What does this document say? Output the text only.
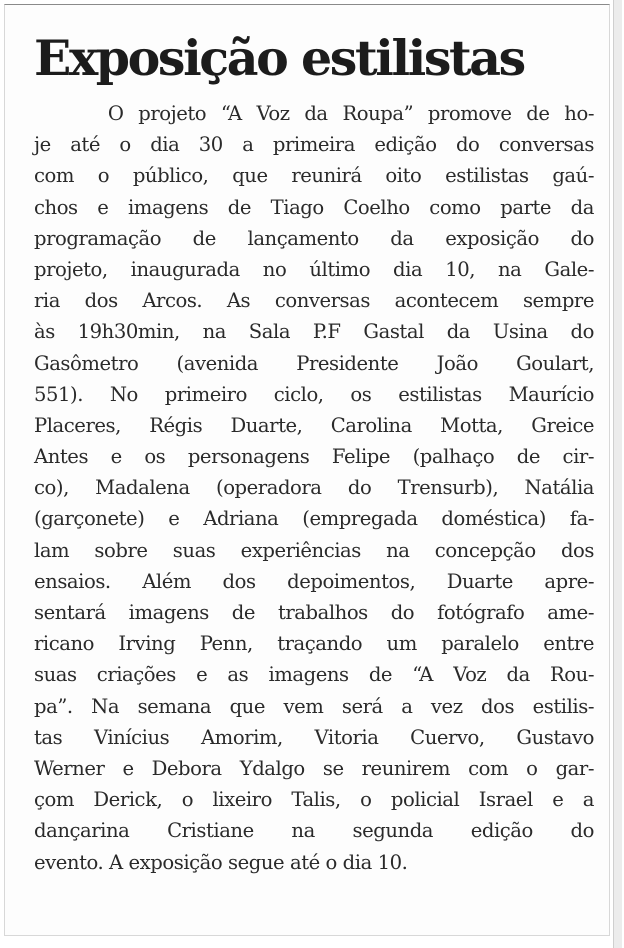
Exposição estilistas
O projeto “A Voz da Roupa” promove de ho-
je até o dia 30 a primeira edição do conversas
com o público, que reunirá oito estilistas gaú-
chos e imagens de Tiago Coelho como parte da
programação de lançamento da exposição do
projeto, inaugurada no último dia 10, na Gale-
ria dos Arcos. As conversas acontecem sempre
às 19h30min, na Sala P.F Gastal da Usina do
Gasômetro (avenida Presidente João Goulart,
551). No primeiro ciclo, os estilistas Maurício
Placeres, Régis Duarte, Carolina Motta, Greice
Antes e os personagens Felipe (palhaço de cir-
co), Madalena (operadora do Trensurb), Natália
(garçonete) e Adriana (empregada doméstica) fa-
lam sobre suas experiências na concepção dos
ensaios. Além dos depoimentos, Duarte apre-
sentará imagens de trabalhos do fotógrafo ame-
ricano Irving Penn, traçando um paralelo entre
suas criações e as imagens de “A Voz da Rou-
pa”. Na semana que vem será a vez dos estilis-
tas Vinícius Amorim, Vitoria Cuervo, Gustavo
Werner e Debora Ydalgo se reunirem com o gar-
çom Derick, o lixeiro Talis, o policial Israel e a
dançarina Cristiane na segunda edição do
evento. A exposição segue até o dia 10.
